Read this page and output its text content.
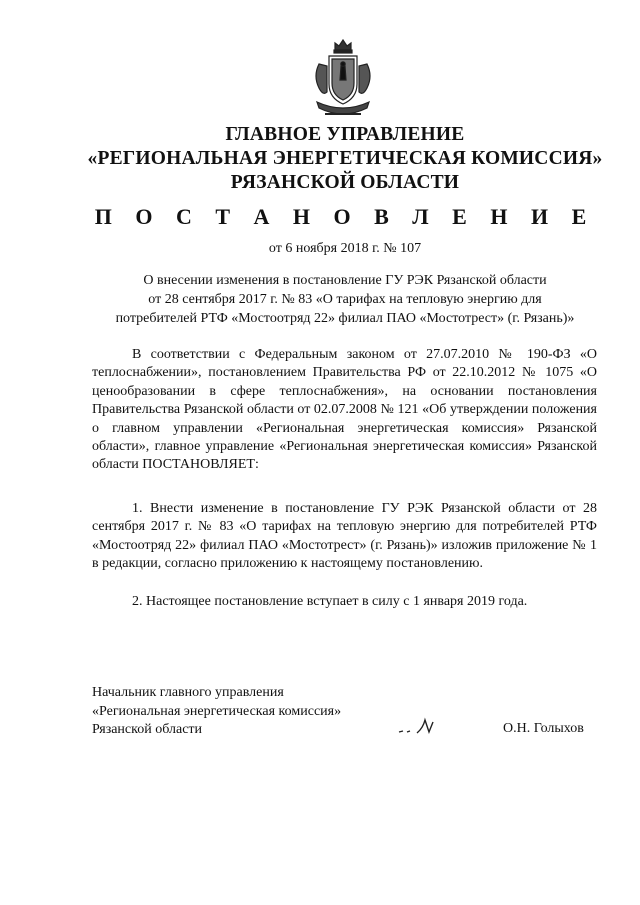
ГЛАВНОЕ УПРАВЛЕНИЕ
«РЕГИОНАЛЬНАЯ ЭНЕРГЕТИЧЕСКАЯ КОМИССИЯ»
РЯЗАНСКОЙ ОБЛАСТИ
П О С Т А Н О В Л Е Н И Е
от 6 ноября 2018 г. № 107
О внесении изменения в постановление ГУ РЭК Рязанской области
от 28 сентября 2017 г. № 83 «О тарифах на тепловую энергию для
потребителей РТФ «Мостоотряд 22» филиал ПАО «Мостотрест» (г. Рязань)»
В соответствии с Федеральным законом от 27.07.2010 № 190-ФЗ «О теплоснабжении», постановлением Правительства РФ от 22.10.2012 № 1075 «О ценообразовании в сфере теплоснабжения», на основании постановления Правительства Рязанской области от 02.07.2008 № 121 «Об утверждении положения о главном управлении «Региональная энергетическая комиссия» Рязанской области», главное управление «Региональная энергетическая комиссия» Рязанской области ПОСТАНОВЛЯЕТ:
1. Внести изменение в постановление ГУ РЭК Рязанской области от 28 сентября 2017 г. № 83 «О тарифах на тепловую энергию для потребителей РТФ «Мостоотряд 22» филиал ПАО «Мостотрест» (г. Рязань)» изложив приложение № 1 в редакции, согласно приложению к настоящему постановлению.
2. Настоящее постановление вступает в силу с 1 января 2019 года.
Начальник главного управления
«Региональная энергетическая комиссия»
Рязанской области	О.Н. Голыхов
